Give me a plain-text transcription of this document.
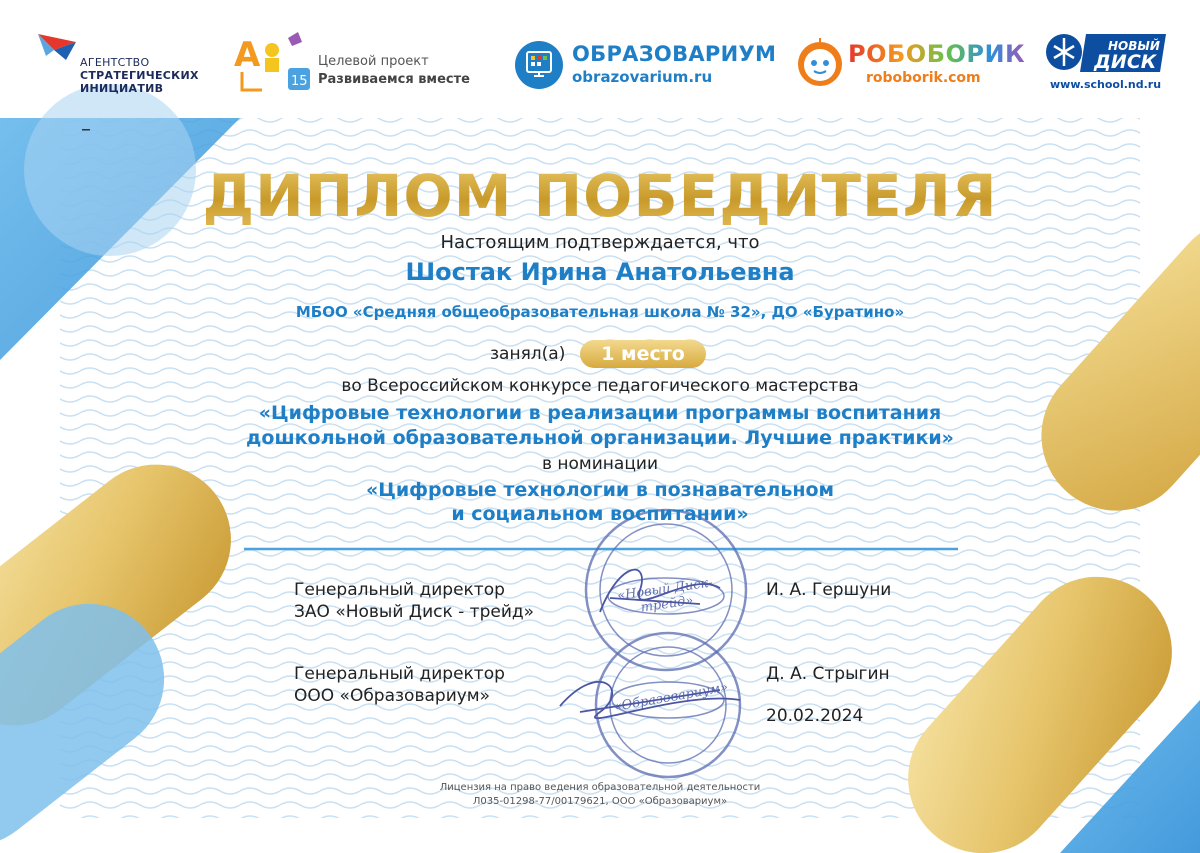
АГЕНТСТВО
СТРАТЕГИЧЕСКИХ
ИНИЦИАТИВ
А
15
Целевой проект
Развиваемся вместе
ОБРАЗОВАРИУМ
obrazovarium.ru
РОБОБОРИК
roboborik.com
НОВЫЙ
ДИСК
www.school.nd.ru
ДИПЛОМ ПОБЕДИТЕЛЯ
Настоящим подтверждается, что
Шостак Ирина Анатольевна
МБОО «Средняя общеобразовательная школа № 32», ДО «Буратино»
занял(а)	1 место
во Всероссийском конкурсе педагогического мастерства
«Цифровые технологии в реализации программы воспитания
дошкольной образовательной организации. Лучшие практики»
в номинации
«Цифровые технологии в познавательном
и социальном воспитании»
Генеральный директор
ЗАО «Новый Диск - трейд»
И. А. Гершуни
Генеральный директор
ООО «Образовариум»
Д. А. Стрыгин
20.02.2024
«Новый Диск-трейд»
«Образовариум»
Лицензия на право ведения образовательной деятельности
Л035-01298-77/00179621, ООО «Образовариум»
